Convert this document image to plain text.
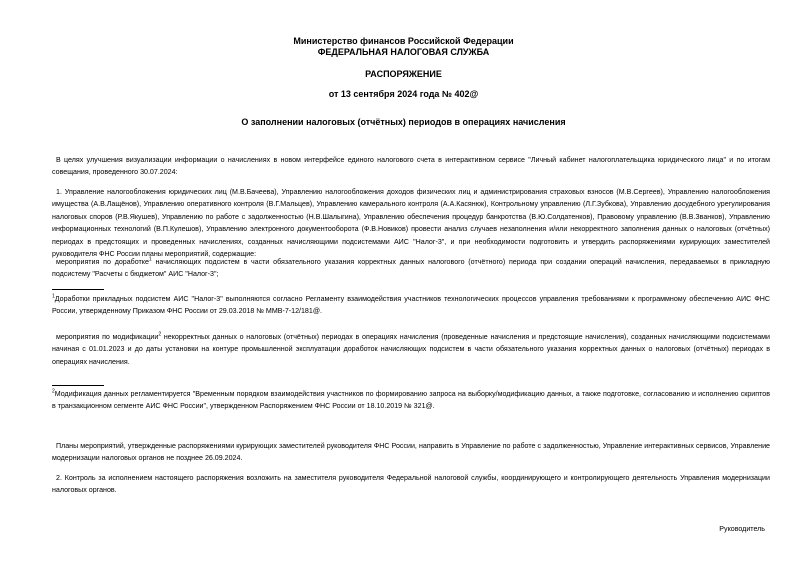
Министерство финансов Российской Федерации
ФЕДЕРАЛЬНАЯ НАЛОГОВАЯ СЛУЖБА
РАСПОРЯЖЕНИЕ
от 13 сентября 2024 года № 402@
О заполнении налоговых (отчётных) периодов в операциях начисления
В целях улучшения визуализации информации о начислениях в новом интерфейсе единого налогового счета в интерактивном сервисе "Личный кабинет налогоплательщика юридического лица" и по итогам совещания, проведенного 30.07.2024:
1. Управление налогообложения юридических лиц (М.В.Бачеева), Управлению налогообложения доходов физических лиц и администрирования страховых взносов (М.В.Сергеев), Управлению налогообложения имущества (А.В.Лащёнов), Управлению оперативного контроля (В.Г.Мальцев), Управлению камерального контроля (А.А.Касянюк), Контрольному управлению (Л.Г.Зубкова), Управлению досудебного урегулирования налоговых споров (Р.В.Якушев), Управлению по работе с задолженностью (Н.В.Шалыгина), Управлению обеспечения процедур банкротства (В.Ю.Солдатенков), Правовому управлению (В.В.Званков), Управлению информационных технологий (В.П.Кулешов), Управлению электронного документооборота (Ф.В.Новиков) провести анализ случаев незаполнения и/или некорректного заполнения данных о налоговых (отчётных) периодах в предстоящих и проведенных начислениях, созданных начисляющими подсистемами АИС "Налог-3", и при необходимости подготовить и утвердить распоряжениями курирующих заместителей руководителя ФНС России планы мероприятий, содержащие:
мероприятия по доработке$^1$ начисляющих подсистем в части обязательного указания корректных данных налогового (отчётного) периода при создании операций начисления, передаваемых в прикладную подсистему "Расчеты с бюджетом" АИС "Налог-3";
$^1$Доработки прикладных подсистем АИС "Налог-3" выполняются согласно Регламенту взаимодействия участников технологических процессов управления требованиями к программному обеспечению АИС ФНС России, утвержденному Приказом ФНС России от 29.03.2018 № ММВ-7-12/181@.
мероприятия по модификации$^2$ некорректных данных о налоговых (отчётных) периодах в операциях начисления (проведенные начисления и предстоящие начисления), созданных начисляющими подсистемами начиная с 01.01.2023 и до даты установки на контуре промышленной эксплуатации доработок начисляющих подсистем в части обязательного указания корректных данных о налоговых (отчётных) периодах в операциях начисления.
$^2$Модификация данных регламентируется "Временным порядком взаимодействия участников по формированию запроса на выборку/модификацию данных, а также подготовке, согласованию и исполнению скриптов в транзакционном сегменте АИС ФНС России", утвержденном Распоряжением ФНС России от 18.10.2019 № 321@.
Планы мероприятий, утвержденные распоряжениями курирующих заместителей руководителя ФНС России, направить в Управление по работе с задолженностью, Управление интерактивных сервисов, Управление модернизации налоговых органов не позднее 26.09.2024.
2. Контроль за исполнением настоящего распоряжения возложить на заместителя руководителя Федеральной налоговой службы, координирующего и контролирующего деятельность Управления модернизации налоговых органов.
Руководитель
